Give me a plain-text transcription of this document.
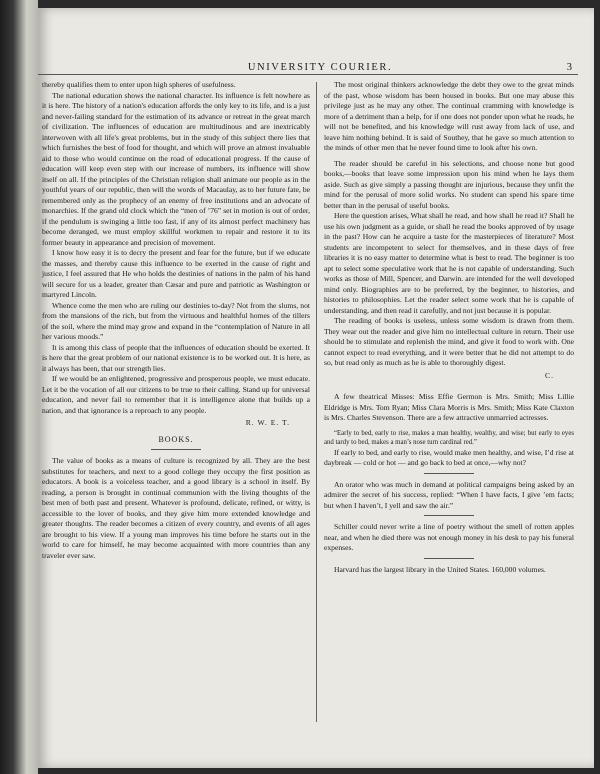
UNIVERSITY COURIER.	3

thereby qualifies them to enter upon high spheres of usefulness.

The national education shows the national character. Its influence is felt nowhere as it is here. The history of a nation's education affords the only key to its life, and is a just and never-failing standard for the estimation of its advance or retreat in the great march of civilization. The influences of education are multitudinous and are inextricably interwoven with all life's great problems, but in the study of this subject there lies that which furnishes the best of food for thought, and which will prove an almost invaluable aid to those who would continue on the road of educational progress. If the cause of education will keep even step with our increase of numbers, its influence will show itself on all. If the principles of the Christian religion shall animate our people as in the youthful years of our republic, then will the words of Macaulay, as to her future fate, be remembered only as the prophecy of an enemy of free institutions and an advocate of monarchies. If the grand old clock which the “men of ’76” set in motion is out of order, if the pendulum is swinging a little too fast, if any of its almost perfect machinery has become deranged, we must employ skillful workmen to repair and restore it to its former beauty in appearance and precision of movement.

I know how easy it is to decry the present and fear for the future, but if we educate the masses, and thereby cause this influence to be exerted in the cause of right and justice, I feel assured that He who holds the destinies of nations in the palm of his hand will secure for us a leader, greater than Cæsar and pure and patriotic as Washington or martyred Lincoln.

Whence come the men who are ruling our destinies to-day? Not from the slums, not from the mansions of the rich, but from the virtuous and healthful homes of the tillers of the soil, where the mind may grow and expand in the “contemplation of Nature in all her various moods.”

It is among this class of people that the influences of education should be exerted. It is here that the great problem of our national existence is to be worked out. It is here, as it always has been, that our strength lies.

If we would be an enlightened, progressive and prosperous people, we must educate. Let it be the vocation of all our citizens to be true to their calling. Stand up for universal education, and never fail to remember that it is intelligence alone that builds up a nation, and that ignorance is a reproach to any people.

R. W. E. T.
BOOKS.

The value of books as a means of culture is recognized by all. They are the best substitutes for teachers, and next to a good college they occupy the first position as educators. A book is a voiceless teacher, and a good library is a school in itself. By reading, a person is brought in continual communion with the living thoughts of the best men of both past and present. Whatever is profound, delicate, refined, or witty, is accessible to the lover of books, and they give him more extended knowledge and greater thoughts. The reader becomes a citizen of every country, and events of all ages are brought to his view. If a young man improves his time before he starts out in the world to care for himself, he may become acquainted with more countries than any traveler ever saw.

The most original thinkers acknowledge the debt they owe to the great minds of the past, whose wisdom has been housed in books. But one may abuse this privilege just as he may any other. The continual cramming with knowledge is more of a detriment than a help, for if one does not ponder upon what he reads, he will not be benefited, and his knowledge will rust away from lack of use, and leave him nothing behind. It is said of Southey, that he gave so much attention to the minds of other men that he never found time to look after his own.

The reader should be careful in his selections, and choose none but good books,—books that leave some impression upon his mind when he lays them aside. Such as give simply a passing thought are injurious, because they unfit the mind for the perusal of more solid works. No student can spend his spare time better than in the perusal of useful books.

Here the question arises, What shall he read, and how shall he read it? Shall he use his own judgment as a guide, or shall he read the books approved of by usage in the past? How can he acquire a taste for the masterpieces of literature? Most students are incompetent to select for themselves, and in these days of free libraries it is no easy matter to determine what is best to read. The beginner is too apt to select some speculative work that he is not capable of understanding. Such works as those of Mill, Spencer, and Darwin. are intended for the well developed mind only. Biographies are to be preferred, by the beginner, to histories, and histories to philosophies. Let the reader select some work that he is capable of understanding, and then read it carefully, and not just because it is popular.

The reading of books is useless, unless some wisdom is drawn from them. They wear out the reader and give him no intellectual culture in return. Their use should be to stimulate and replenish the mind, and give it food to work with. One cannot expect to read everything, and it were better that he did not attempt to do so, but read only as much as he is able to thoroughly digest.

C.

A few theatrical Misses: Miss Effie Germon is Mrs. Smith; Miss Lillie Eldridge is Mrs. Tom Ryan; Miss Clara Morris is Mrs. Smith; Miss Kate Claxton is Mrs. Charles Stevenson. There are a few attractive unmarried actresses.

“Early to bed, early to rise, makes a man healthy, wealthy, and wise; but early to eyes and tardy to bed, makes a man’s nose turn cardinal red.”

If early to bed, and early to rise, would make men healthy, and wise, I’d rise at daybreak — cold or hot — and go back to bed at once,—why not?

An orator who was much in demand at political campaigns being asked by an admirer the secret of his success, replied: “When I have facts, I give ’em facts; but when I haven’t, I yell and saw the air.”

Schiller could never write a line of poetry without the smell of rotten apples near, and when he died there was not enough money in his desk to pay his funeral expenses.

Harvard has the largest library in the United States. 160,000 volumes.
